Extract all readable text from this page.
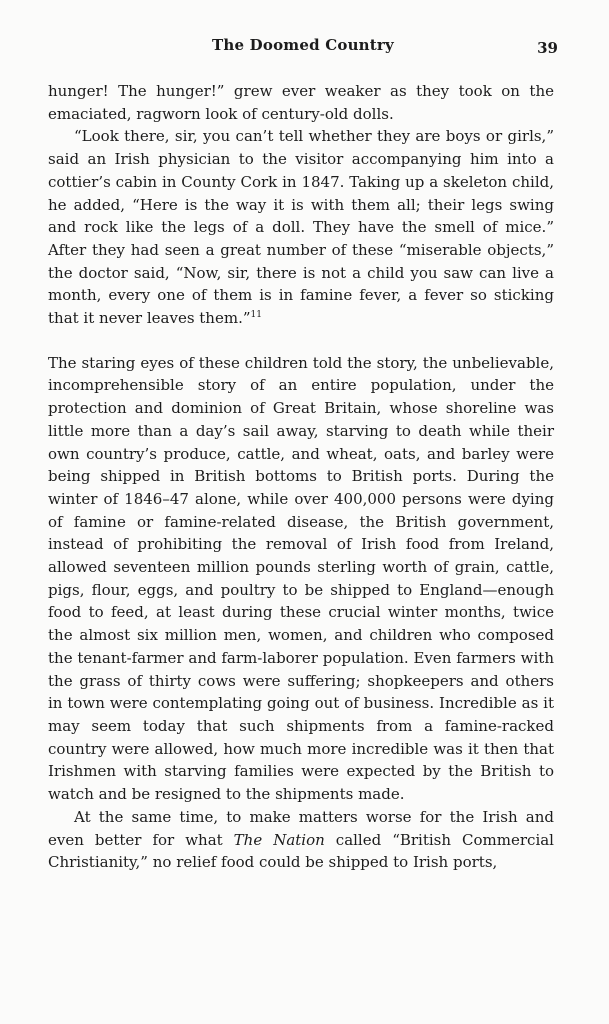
The Doomed Country	39

hunger! The hunger!” grew ever weaker as they took on the emaciated, ragworn look of century-old dolls.

“Look there, sir, you can’t tell whether they are boys or girls,” said an Irish physician to the visitor accompanying him into a cottier’s cabin in County Cork in 1847. Taking up a skeleton child, he added, “Here is the way it is with them all; their legs swing and rock like the legs of a doll. They have the smell of mice.” After they had seen a great number of these “miserable objects,” the doctor said, “Now, sir, there is not a child you saw can live a month, every one of them is in famine fever, a fever so sticking that it never leaves them.”$^{11}$

The staring eyes of these children told the story, the unbelievable, incomprehensible story of an entire population, under the protection and dominion of Great Britain, whose shoreline was little more than a day’s sail away, starving to death while their own country’s produce, cattle, and wheat, oats, and barley were being shipped in British bottoms to British ports. During the winter of 1846–47 alone, while over 400,000 persons were dying of famine or famine-related disease, the British government, instead of prohibiting the removal of Irish food from Ireland, allowed seventeen million pounds sterling worth of grain, cattle, pigs, flour, eggs, and poultry to be shipped to England—enough food to feed, at least during these crucial winter months, twice the almost six million men, women, and children who composed the tenant-farmer and farm-laborer population. Even farmers with the grass of thirty cows were suffering; shopkeepers and others in town were contemplating going out of business. Incredible as it may seem today that such shipments from a famine-racked country were allowed, how much more incredible was it then that Irishmen with starving families were expected by the British to watch and be resigned to the shipments made.

At the same time, to make matters worse for the Irish and even better for what The Nation called “British Commercial Christianity,” no relief food could be shipped to Irish ports,
